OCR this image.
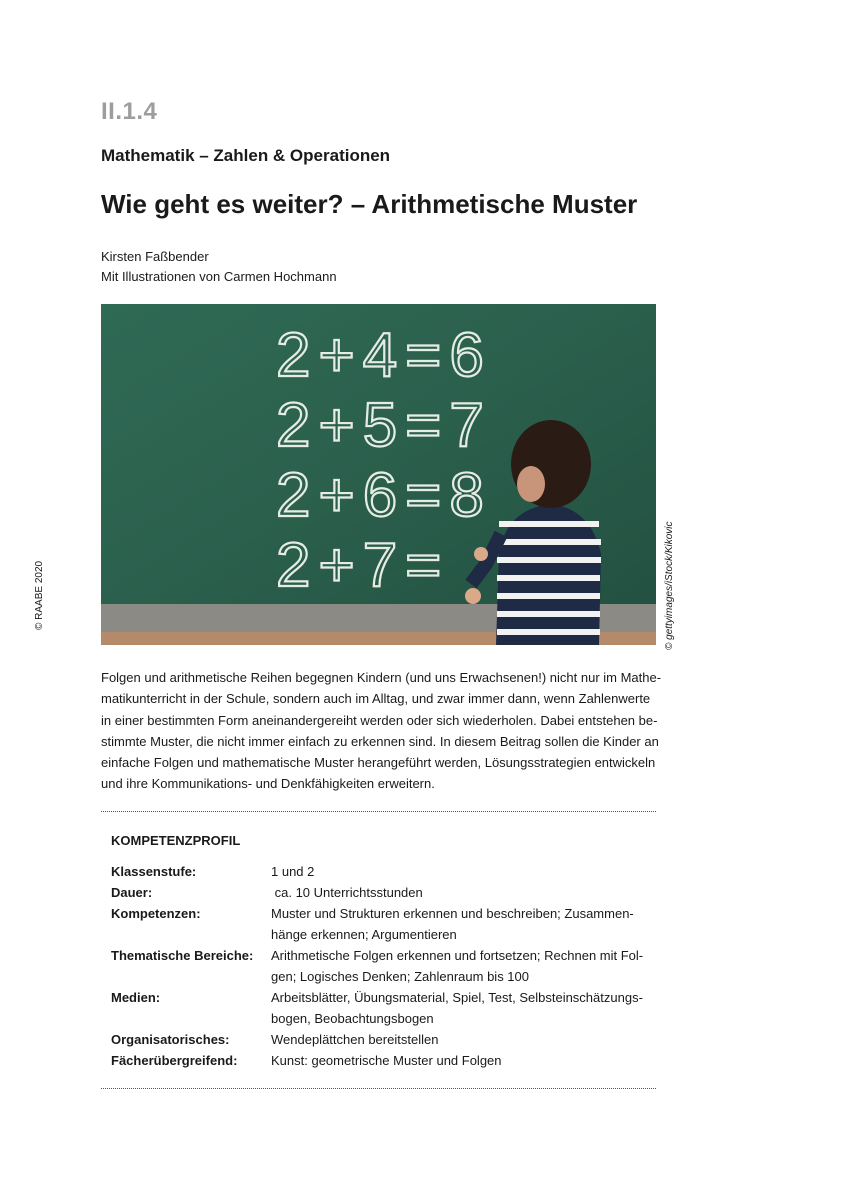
II.1.4
Mathematik – Zahlen & Operationen
Wie geht es weiter? – Arithmetische Muster
Kirsten Faßbender
Mit Illustrationen von Carmen Hochmann
2+4=6
2+5=7
2+6=8
2+7=
© RAABE 2020	© gettyimages/iStock/Kikovic
Folgen und arithmetische Reihen begegnen Kindern (und uns Erwachsenen!) nicht nur im Mathe-
matikunterricht in der Schule, sondern auch im Alltag, und zwar immer dann, wenn Zahlenwerte
in einer bestimmten Form aneinandergereiht werden oder sich wiederholen. Dabei entstehen be-
stimmte Muster, die nicht immer einfach zu erkennen sind. In diesem Beitrag sollen die Kinder an
einfache Folgen und mathematische Muster herangeführt werden, Lösungsstrategien entwickeln
und ihre Kommunikations- und Denkfähigkeiten erweitern.
KOMPETENZPROFIL
Klassenstufe:	1 und 2
Dauer:	ca. 10 Unterrichtsstunden
Kompetenzen:	Muster und Strukturen erkennen und beschreiben; Zusammen-hänge erkennen; Argumentieren
Thematische Bereiche:	Arithmetische Folgen erkennen und fortsetzen; Rechnen mit Fol-gen; Logisches Denken; Zahlenraum bis 100
Medien:	Arbeitsblätter, Übungsmaterial, Spiel, Test, Selbsteinschätzungs-bogen, Beobachtungsbogen
Organisatorisches:	Wendeplättchen bereitstellen
Fächerübergreifend:	Kunst: geometrische Muster und Folgen
